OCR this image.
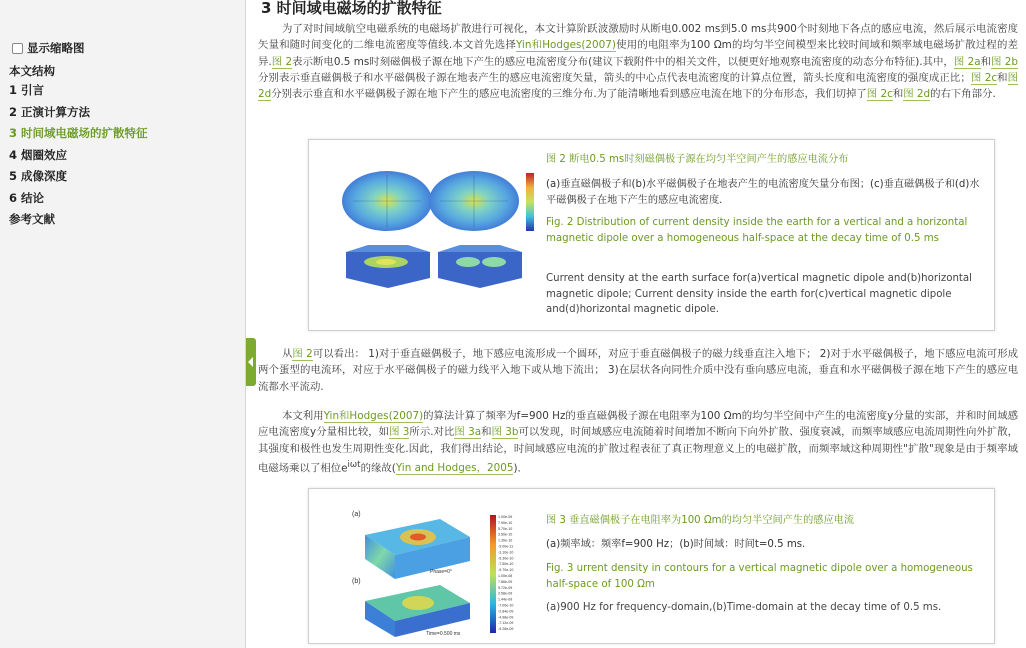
显示缩略图
本文结构
1 引言
2 正演计算方法
3 时间域电磁场的扩散特征
4 烟圈效应
5 成像深度
6 结论
参考文献
3 时间域电磁场的扩散特征

为了对时间域航空电磁系统的电磁场扩散进行可视化，本文计算阶跃波激励时从断电0.002 ms到5.0 ms共900个时刻地下各点的感应电流，然后展示电流密度矢量和随时间变化的二维电流密度等值线.本文首先选择Yin和Hodges(2007)使用的电阻率为100 Ωm的均匀半空间模型来比较时间域和频率域电磁场扩散过程的差异.图 2表示断电0.5 ms时刻磁偶极子源在地下产生的感应电流密度分布(建议下载附件中的相关文件，以便更好地观察电流密度的动态分布特征).其中，图 2a和图 2b分别表示垂直磁偶极子和水平磁偶极子源在地表产生的感应电流密度矢量，箭头的中心点代表电流密度的计算点位置，箭头长度和电流密度的强度成正比；图 2c和图 2d分别表示垂直和水平磁偶极子源在地下产生的感应电流密度的三维分布.为了能清晰地看到感应电流在地下的分布形态，我们切掉了图 2c和图 2d的右下角部分.

图 2 断电0.5 ms时刻磁偶极子源在均匀半空间产生的感应电流分布
(a)垂直磁偶极子和(b)水平磁偶极子在地表产生的电流密度矢量分布图；(c)垂直磁偶极子和(d)水平磁偶极子在地下产生的感应电流密度.
Fig. 2 Distribution of current density inside the earth for a vertical and a horizontal magnetic dipole over a homogeneous half-space at the decay time of 0.5 ms
Current density at the earth surface for(a)vertical magnetic dipole and(b)horizontal magnetic dipole; Current density inside the earth for(c)vertical magnetic dipole and(d)horizontal magnetic dipole.

从图 2可以看出： 1)对于垂直磁偶极子，地下感应电流形成一个圆环，对应于垂直磁偶极子的磁力线垂直注入地下； 2)对于水平磁偶极子，地下感应电流可形成两个蛋型的电流环，对应于水平磁偶极子的磁力线平入地下或从地下流出； 3)在层状各向同性介质中没有垂向感应电流，垂直和水平磁偶极子源在地下产生的感应电流都水平流动.

本文利用Yin和Hodges(2007)的算法计算了频率为f=900 Hz的垂直磁偶极子源在电阻率为100 Ωm的均匀半空间中产生的电流密度y分量的实部，并和时间域感应电流密度y分量相比较，如图 3所示.对比图 3a和图 3b可以发现，时间域感应电流随着时间增加不断向下向外扩散、强度衰减，而频率域感应电流周期性向外扩散，其强度和极性也发生周期性变化.因此，我们得出结论，时间域感应电流的扩散过程表征了真正物理意义上的电磁扩散，而频率域这种周期性"扩散"现象是由于频率域电磁场乘以了相位$e^{i\omega t}$的缘故(Yin and Hodges，2005).

(a)
Phase=0°
(b)
Time=0.500 ms
1.00e-09
7.90e-10
5.70e-10
3.50e-10
1.30e-10
-9.00e-11
-3.10e-10
-5.30e-10
-7.50e-10
-9.70e-10
1.00e-08
7.86e-09
5.72e-09
3.58e-09
1.44e-09
-7.00e-10
-2.84e-09
-4.98e-09
-7.12e-09
-9.26e-09
图 3 垂直磁偶极子在电阻率为100 Ωm的均匀半空间产生的感应电流
(a)频率域：频率f=900 Hz；(b)时间域：时间t=0.5 ms.
Fig. 3 urrent density in contours for a vertical magnetic dipole over a homogeneous half-space of 100 Ωm
(a)900 Hz for frequency-domain,(b)Time-domain at the decay time of 0.5 ms.
